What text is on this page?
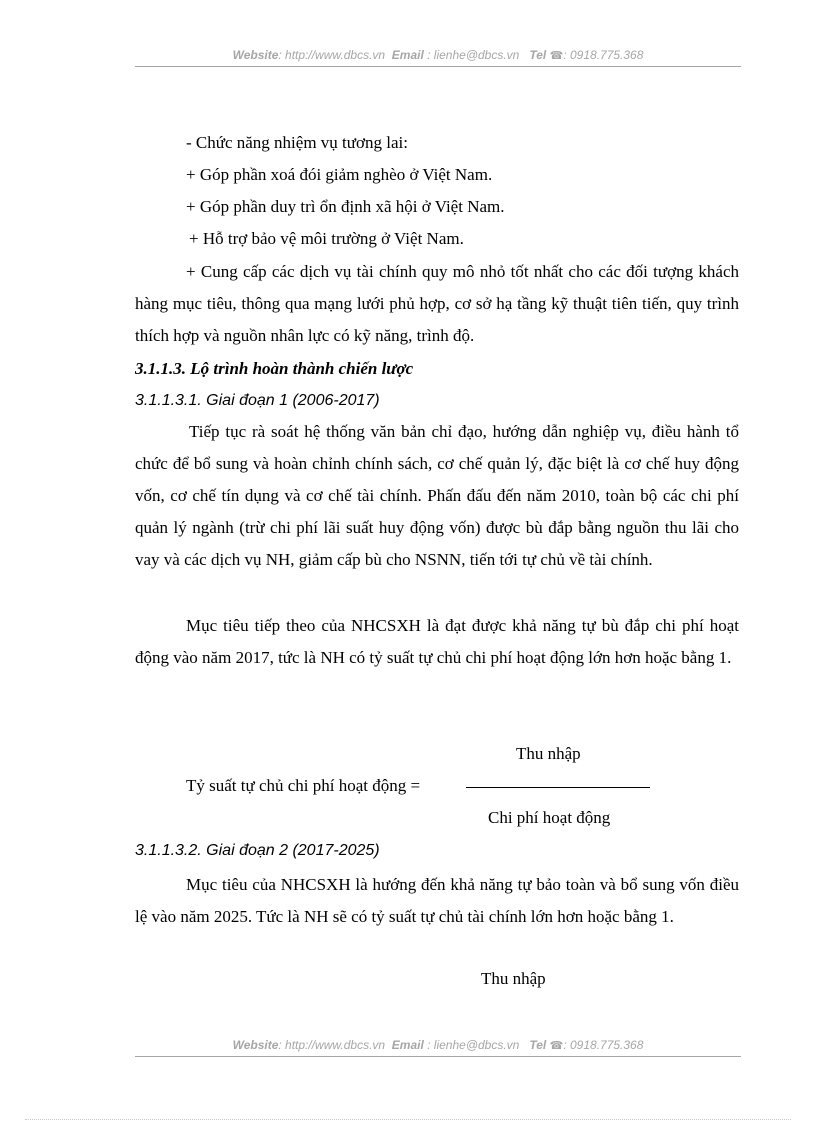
Website: http://www.dbcs.vn Email : lienhe@dbcs.vn Tel ☎: 0918.775.368
- Chức năng nhiệm vụ tương lai:
+ Góp phần xoá đói giảm nghèo ở Việt Nam.
+ Góp phần duy trì ổn định xã hội ở Việt Nam.
+ Hỗ trợ bảo vệ môi trường ở Việt Nam.

+ Cung cấp các dịch vụ tài chính quy mô nhỏ tốt nhất cho các đối tượng khách hàng mục tiêu, thông qua mạng lưới phủ hợp, cơ sở hạ tầng kỹ thuật tiên tiến, quy trình thích hợp và nguồn nhân lực có kỹ năng, trình độ.

3.1.1.3. Lộ trình hoàn thành chiến lược
3.1.1.3.1. Giai đoạn 1 (2006-2017)

Tiếp tục rà soát hệ thống văn bản chỉ đạo, hướng dẫn nghiệp vụ, điều hành tổ chức để bổ sung và hoàn chỉnh chính sách, cơ chế quản lý, đặc biệt là cơ chế huy động vốn, cơ chế tín dụng và cơ chế tài chính. Phấn đấu đến năm 2010, toàn bộ các chi phí quản lý ngành (trừ chi phí lãi suất huy động vốn) được bù đắp bằng nguồn thu lãi cho vay và các dịch vụ NH, giảm cấp bù cho NSNN, tiến tới tự chủ về tài chính.

Mục tiêu tiếp theo của NHCSXH là đạt được khả năng tự bù đắp chi phí hoạt động vào năm 2017, tức là NH có tỷ suất tự chủ chi phí hoạt động lớn hơn hoặc bằng 1.

Thu nhập
Tỷ suất tự chủ chi phí hoạt động =
Chi phí hoạt động
3.1.1.3.2. Giai đoạn 2 (2017-2025)

Mục tiêu của NHCSXH là hướng đến khả năng tự bảo toàn và bổ sung vốn điều lệ vào năm 2025. Tức là NH sẽ có tỷ suất tự chủ tài chính lớn hơn hoặc bằng 1.

Thu nhập
Website: http://www.dbcs.vn Email : lienhe@dbcs.vn Tel ☎: 0918.775.368
